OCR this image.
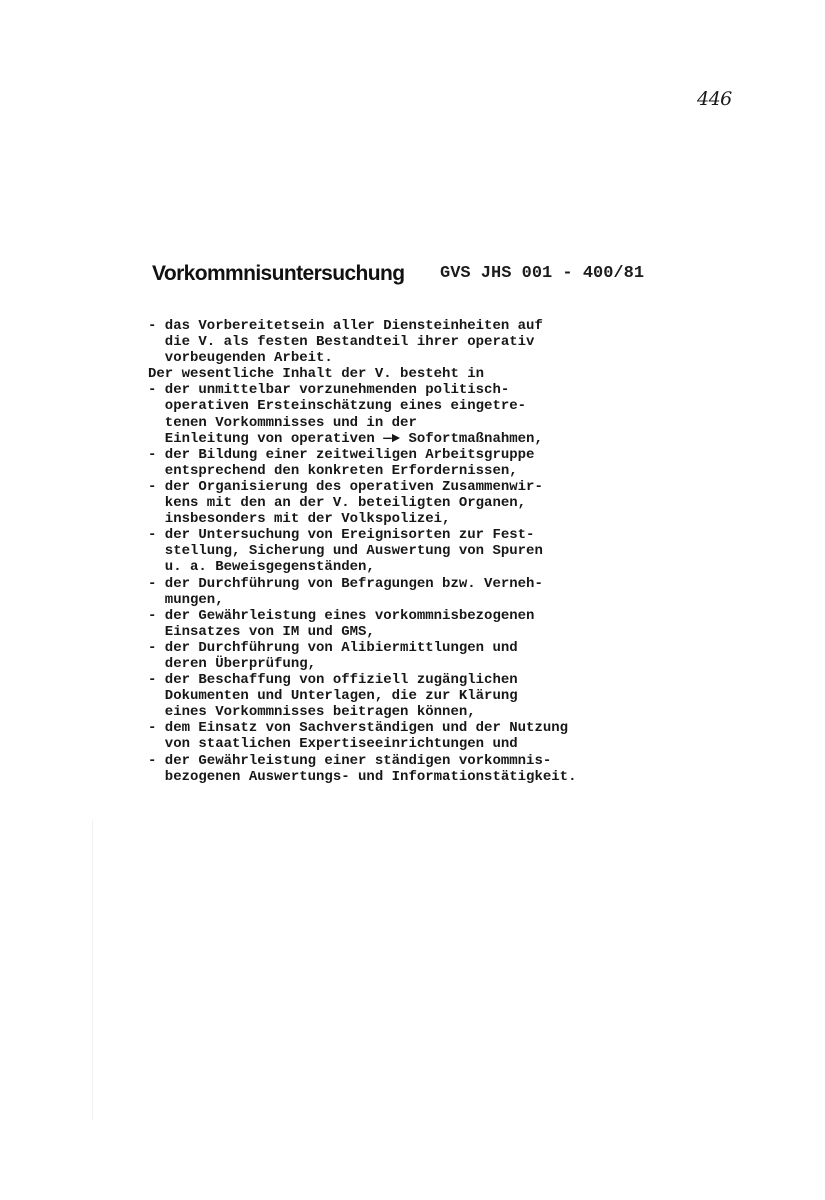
446
Vorkommnisuntersuchung GVS JHS 001 - 400/81
- das Vorbereitetsein aller Diensteinheiten auf
die V. als festen Bestandteil ihrer operativ
vorbeugenden Arbeit.
Der wesentliche Inhalt der V. besteht in
- der unmittelbar vorzunehmenden politisch-
operativen Ersteinschätzung eines eingetre-
tenen Vorkommnisses und in der
Einleitung von operativen —► Sofortmaßnahmen,
- der Bildung einer zeitweiligen Arbeitsgruppe
entsprechend den konkreten Erfordernissen,
- der Organisierung des operativen Zusammenwir-
kens mit den an der V. beteiligten Organen,
insbesonders mit der Volkspolizei,
- der Untersuchung von Ereignisorten zur Fest-
stellung, Sicherung und Auswertung von Spuren
u. a. Beweisgegenständen,
- der Durchführung von Befragungen bzw. Verneh-
mungen,
- der Gewährleistung eines vorkommnisbezogenen
Einsatzes von IM und GMS,
- der Durchführung von Alibiermittlungen und
deren Überprüfung,
- der Beschaffung von offiziell zugänglichen
Dokumenten und Unterlagen, die zur Klärung
eines Vorkommnisses beitragen können,
- dem Einsatz von Sachverständigen und der Nutzung
von staatlichen Expertiseeinrichtungen und
- der Gewährleistung einer ständigen vorkommnis-
bezogenen Auswertungs- und Informationstätigkeit.
